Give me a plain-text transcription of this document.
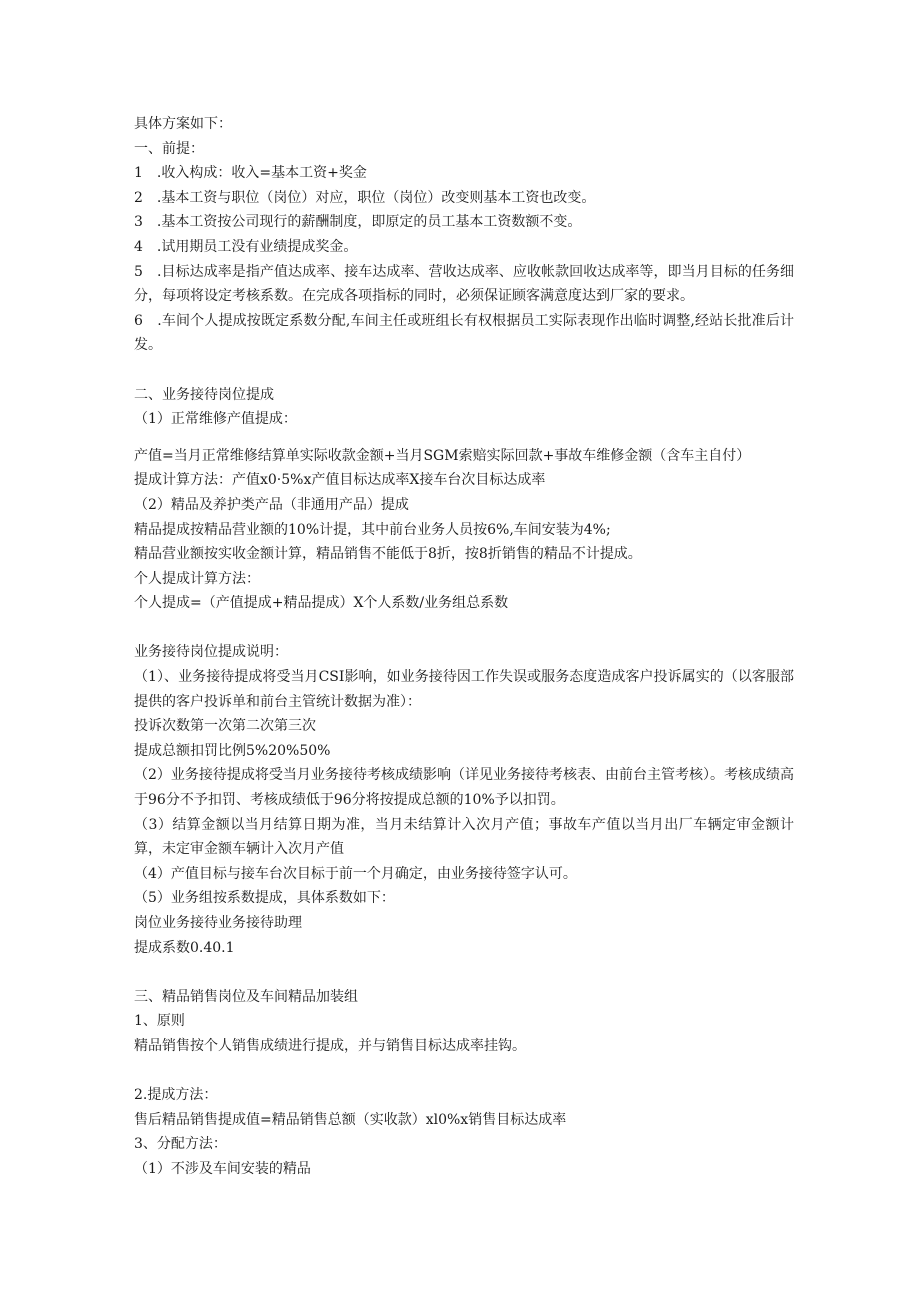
具体方案如下：
一、前提：
1　.收入构成：收入=基本工资+奖金
2　.基本工资与职位（岗位）对应，职位（岗位）改变则基本工资也改变。
3　.基本工资按公司现行的薪酬制度，即原定的员工基本工资数额不变。
4　.试用期员工没有业绩提成奖金。
5　.目标达成率是指产值达成率、接车达成率、营收达成率、应收帐款回收达成率等，即当月目标的任务细分，每项将设定考核系数。在完成各项指标的同时，必须保证顾客满意度达到厂家的要求。
6　.车间个人提成按既定系数分配,车间主任或班组长有权根据员工实际表现作出临时调整,经站长批准后计发。
二、业务接待岗位提成
（1）正常维修产值提成：
产值=当月正常维修结算单实际收款金额+当月SGM索赔实际回款+事故车维修金额（含车主自付）
提成计算方法：产值x0·5%x产值目标达成率X接车台次目标达成率
（2）精品及养护类产品（非通用产品）提成
精品提成按精品营业额的10%计提，其中前台业务人员按6%,车间安装为4%;
精品营业额按实收金额计算，精品销售不能低于8折，按8折销售的精品不计提成。
个人提成计算方法：
个人提成=（产值提成+精品提成）X个人系数/业务组总系数
业务接待岗位提成说明：
（1）、业务接待提成将受当月CSI影响，如业务接待因工作失误或服务态度造成客户投诉属实的（以客服部提供的客户投诉单和前台主管统计数据为准）：
投诉次数第一次第二次第三次
提成总额扣罚比例5%20%50%
（2）业务接待提成将受当月业务接待考核成绩影响（详见业务接待考核表、由前台主管考核）。考核成绩高于96分不予扣罚、考核成绩低于96分将按提成总额的10%予以扣罚。
（3）结算金额以当月结算日期为准，当月未结算计入次月产值；事故车产值以当月出厂车辆定审金额计算，未定审金额车辆计入次月产值
（4）产值目标与接车台次目标于前一个月确定，由业务接待签字认可。
（5）业务组按系数提成，具体系数如下：
岗位业务接待业务接待助理
提成系数0.40.1
三、精品销售岗位及车间精品加装组
1、原则
精品销售按个人销售成绩进行提成，并与销售目标达成率挂钩。
2.提成方法：
售后精品销售提成值=精品销售总额（实收款）xl0%x销售目标达成率
3、分配方法：
（1）不涉及车间安装的精品
